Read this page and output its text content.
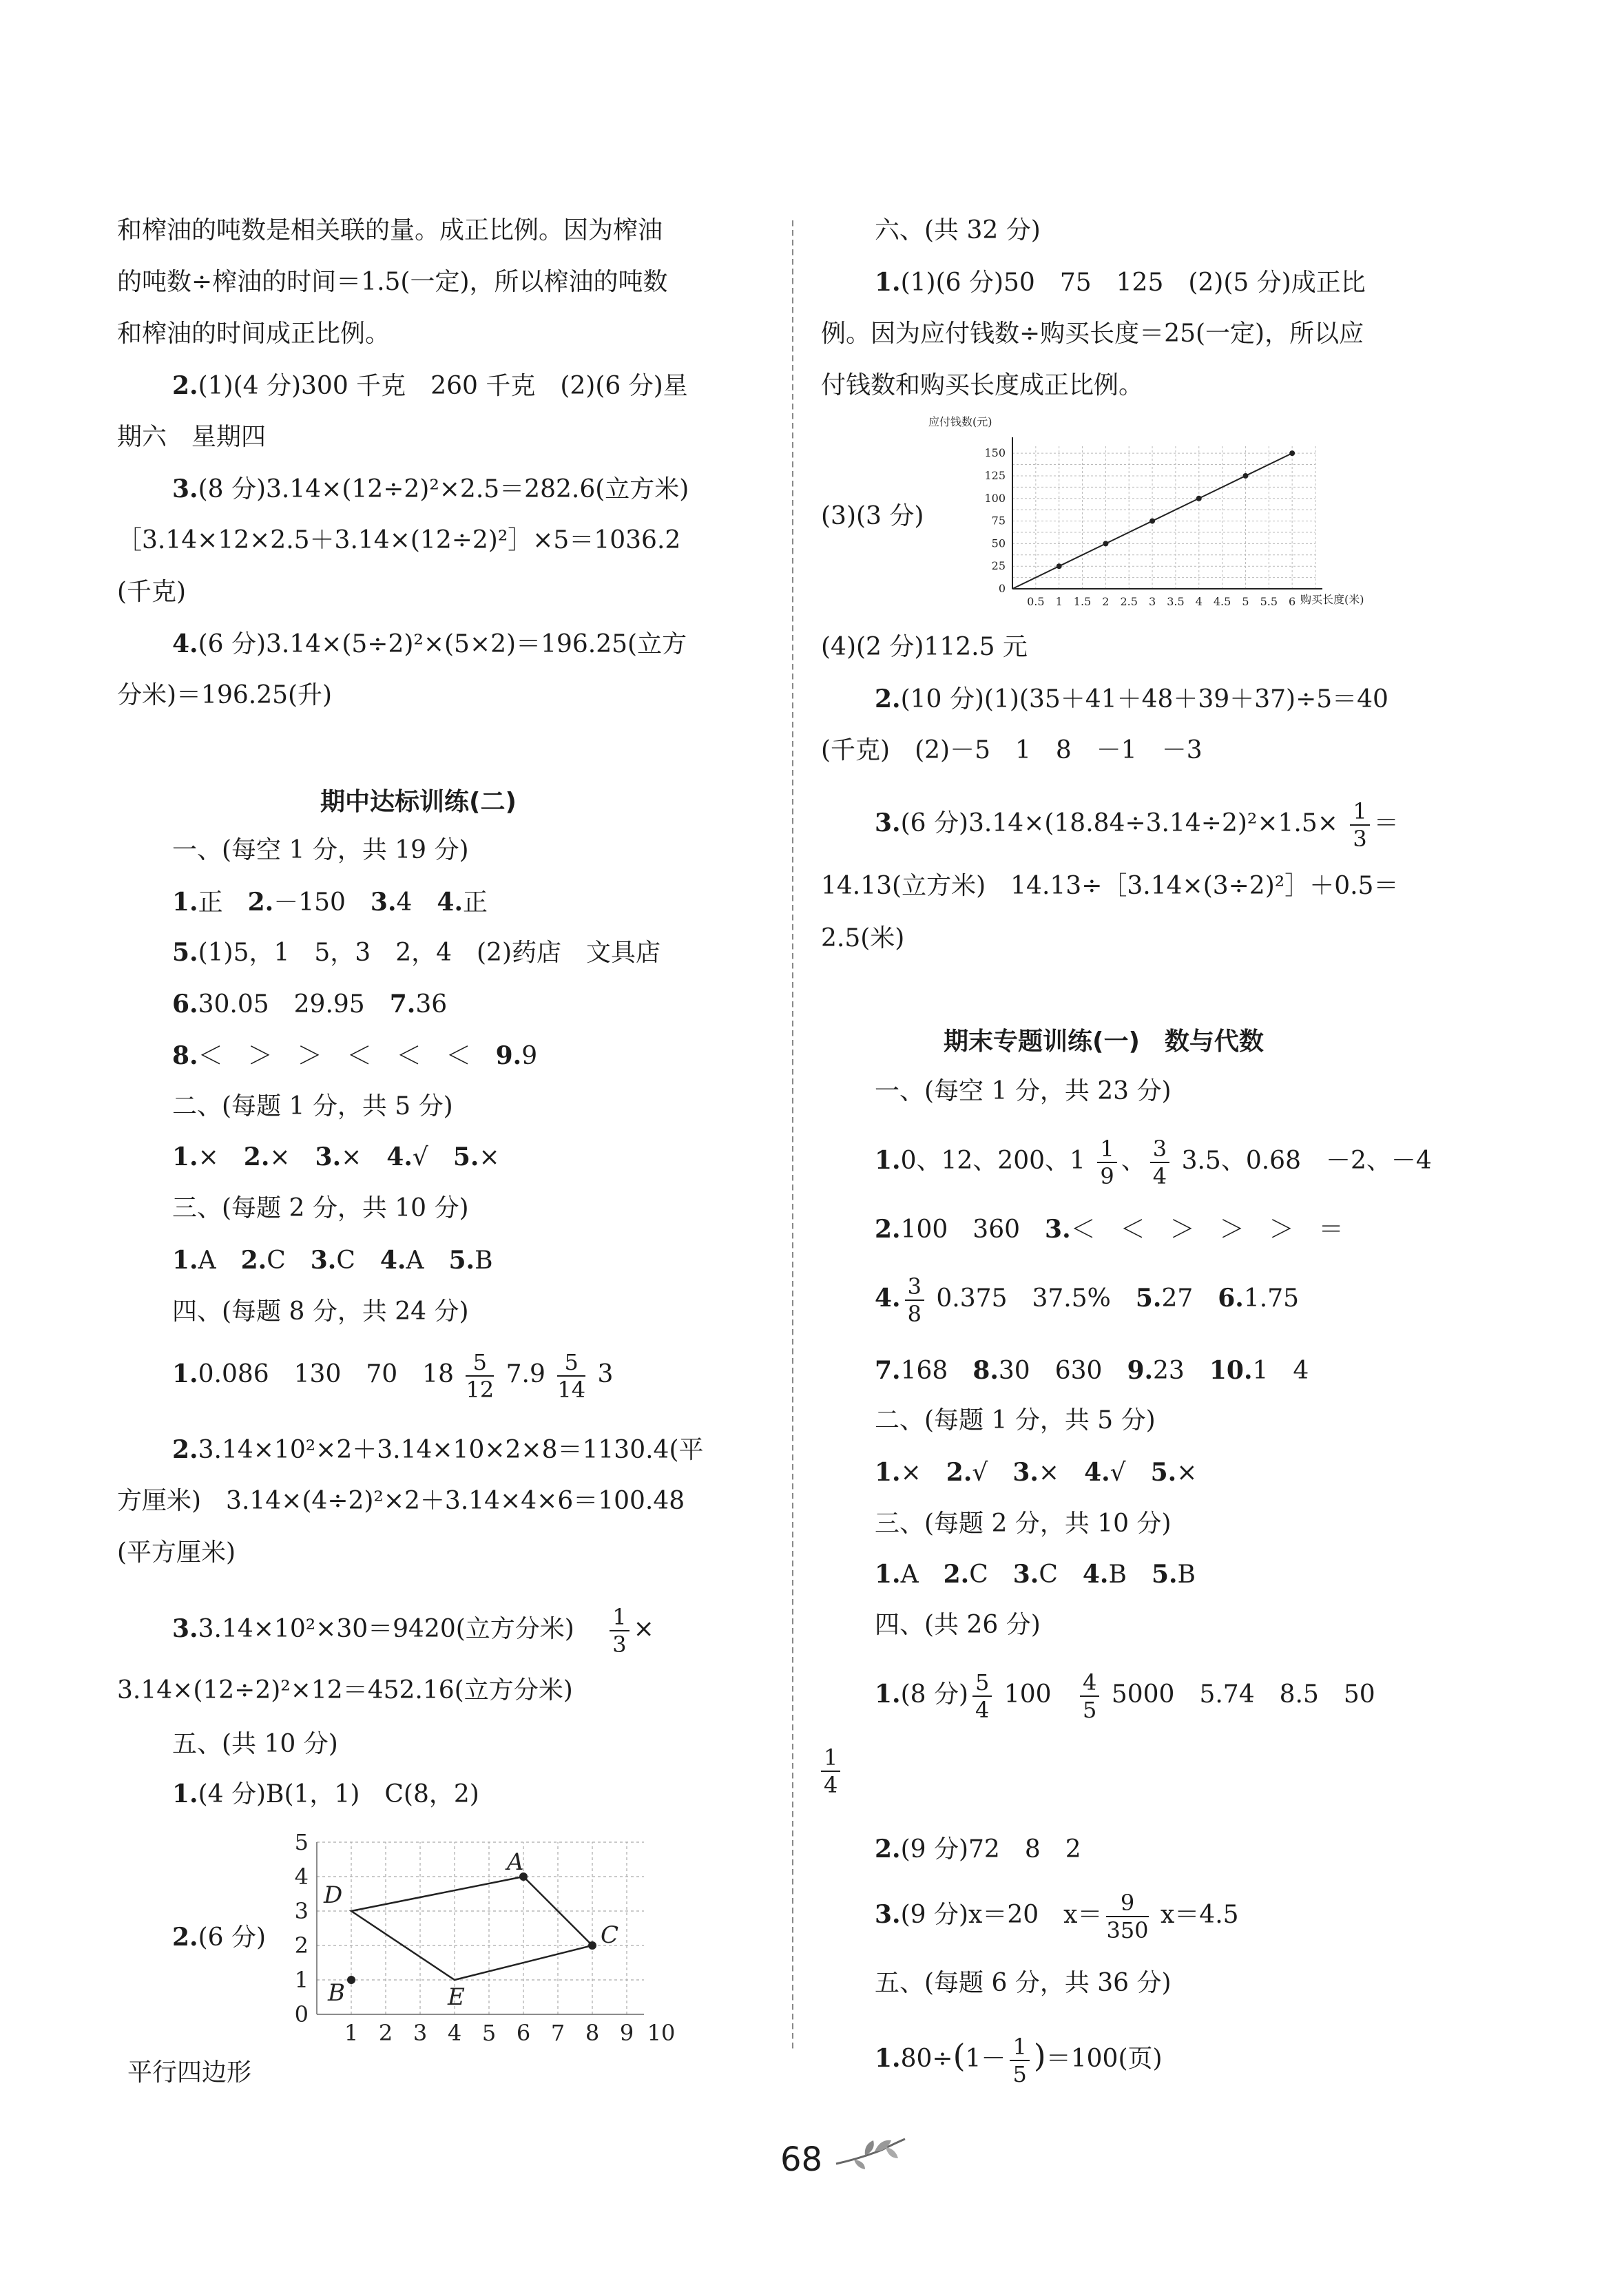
和榨油的吨数是相关联的量。成正比例。因为榨油
的吨数÷榨油的时间＝1.5(一定)，所以榨油的吨数
和榨油的时间成正比例。
2.(1)(4 分)300 千克　260 千克　(2)(6 分)星
期六　星期四
3.(8 分)3.14×(12÷2)²×2.5＝282.6(立方米)
［3.14×12×2.5＋3.14×(12÷2)²］×5＝1036.2
(千克)
4.(6 分)3.14×(5÷2)²×(5×2)＝196.25(立方
分米)＝196.25(升)
期中达标训练(二)
一、(每空 1 分，共 19 分)
1.正　2.－150　3.4　4.正
5.(1)5，1　5，3　2，4　(2)药店　文具店
6.30.05　29.95　7.36
8.＜　＞　＞　＜　＜　＜　9.9
二、(每题 1 分，共 5 分)
1.×　2.×　3.×　4.√　5.×
三、(每题 2 分，共 10 分)
1.A　2.C　3.C　4.A　5.B
四、(每题 8 分，共 24 分)
1.0.086　130　70　$18 \frac{5}{12} 7.9 \frac{5}{14} 3$
2.3.14×10²×2＋3.14×10×2×8＝1130.4(平
方厘米)　3.14×(4÷2)²×2＋3.14×4×6＝100.48
(平方厘米)
3.3.14×10²×30＝9420(立方分米) $\frac{1}{3}$ ×
3.14×(12÷2)²×12＝452.16(立方分米)
五、(共 10 分)
1.(4 分)B(1，1)　C(8，2)
2.(6 分)
1 2 3 4 5 6 7 8 9 10
0
1
2
3
4
5
A
C
E
D
B
平行四边形
六、(共 32 分)
1.(1)(6 分)50　75　125　(2)(5 分)成正比
例。因为应付钱数÷购买长度＝25(一定)，所以应
付钱数和购买长度成正比例。
(3)(3 分)
0.5 1 1.5 2 2.5 3 3.5 4 4.5 5 5.5 6
0
25
50
75
100
125
150
应付钱数(元)
购买长度(米)
(4)(2 分)112.5 元
2.(10 分)(1)(35＋41＋48＋39＋37)÷5＝40
(千克)　(2)－5　1　8　－1　－3
3.(6 分)$3.14\times(18.84\div 3.14\div 2)^2\times 1.5\times \frac{1}{3}$ ＝
14.13(立方米)　14.13÷［3.14×(3÷2)²］＋0.5＝
2.5(米)
期末专题训练(一)　数与代数
一、(每空 1 分，共 23 分)
1.0、12、200、$1 \frac{1}{9}$ 、 $\frac{3}{4} 3.5$、0.68　－2、－4
2.100　360　3.＜　＜　＞　＞　＞　＝
4. $\frac{3}{8} 0.375$　37.5%　5.27　6.1.75
7.168　8.30　630　9.23　10.1　4
二、(每题 1 分，共 5 分)
1.×　2.√　3.×　4.√　5.×
三、(每题 2 分，共 10 分)
1.A　2.C　3.C　4.B　5.B
四、(共 26 分)
1.(8 分) $\frac{5}{4} 100 \frac{4}{5} 5000$　5.74　8.5　50
$\frac{1}{4}$
2.(9 分)72　8　2
3.(9 分)x＝20　$x= \frac{9}{350} x=4.5$
五、(每题 6 分，共 36 分)
$1.80\div(1- \frac{1}{5} )=100$(页)
68
